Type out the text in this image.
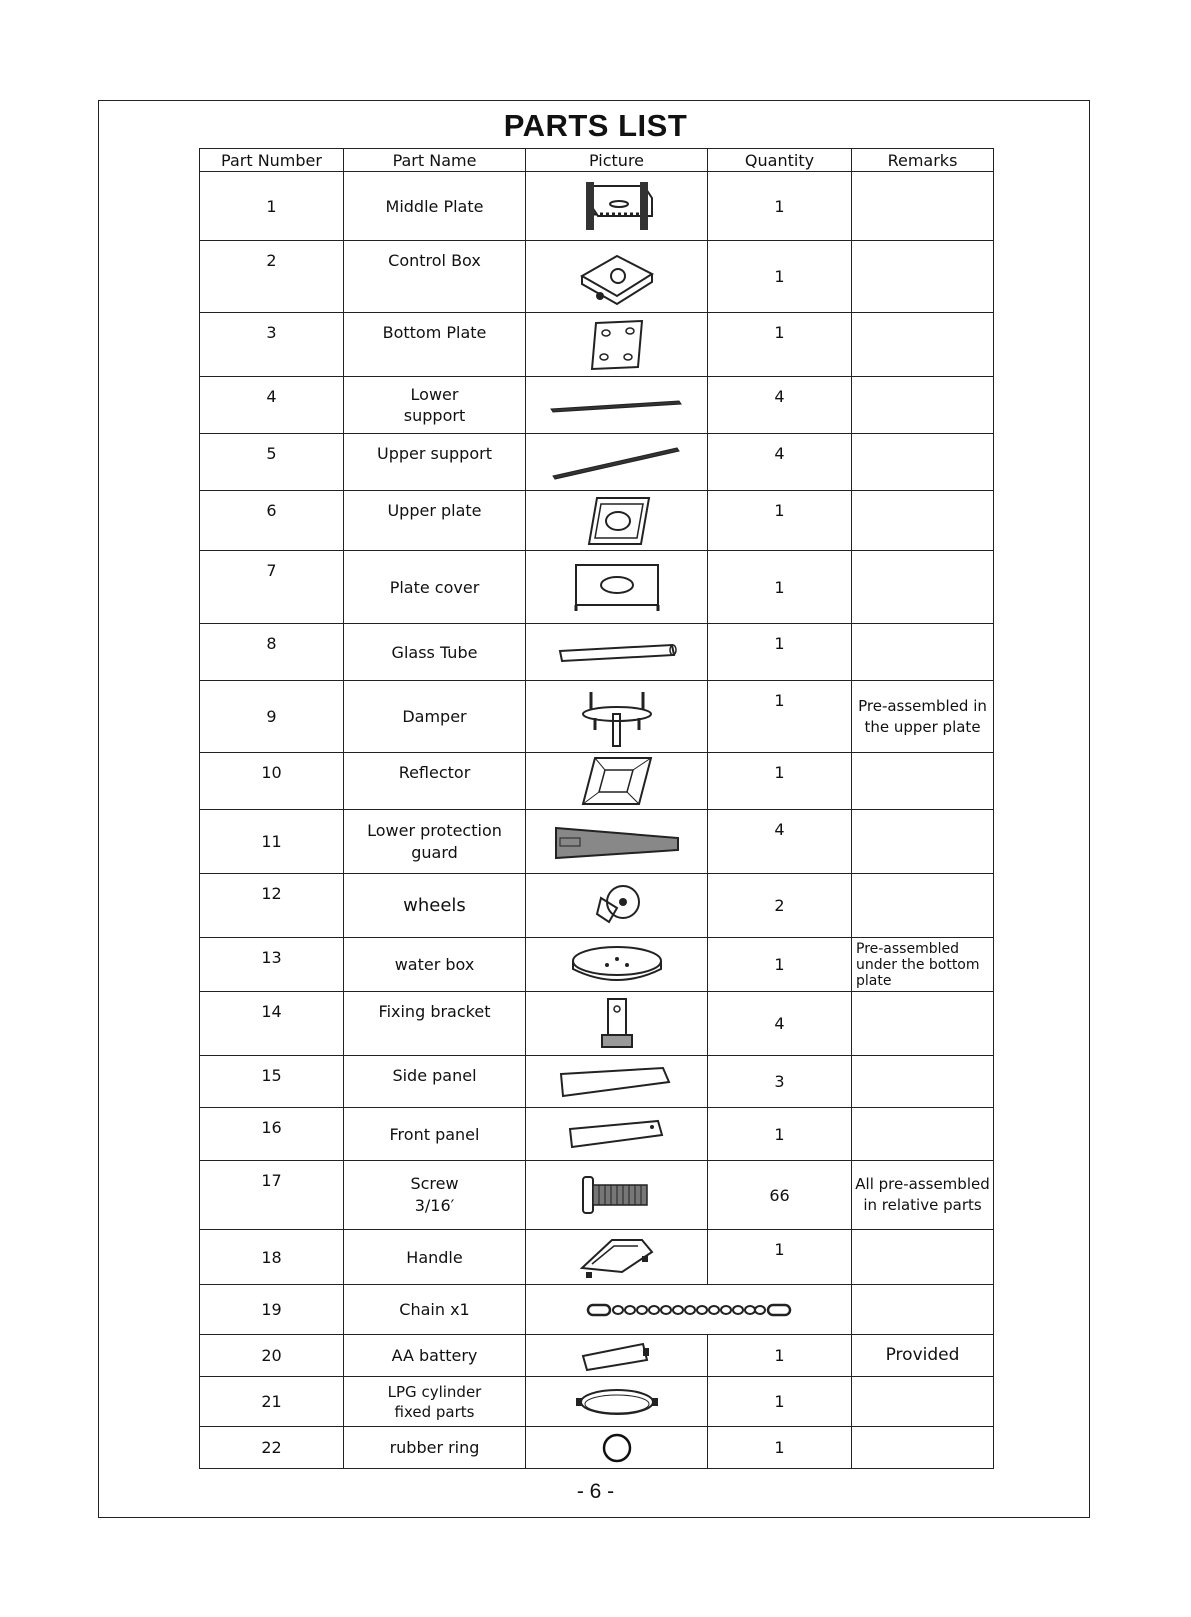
PARTS LIST
Part Number	Part Name	Picture	Quantity	Remarks
1	Middle Plate		1	
2	Control Box		1	
3	Bottom Plate		1	
4	Lower support		4	
5	Upper support		4	
6	Upper plate		1	
7	Plate cover		1	
8	Glass Tube		1	
9	Damper		1	Pre-assembled in the upper plate

10	Reflector		1	
11	Lower protection guard		4	
12	wheels		2	
13	water box		1	Pre-assembled under the bottom plate
14	Fixing bracket		4	
15	Side panel		3	
16	Front panel		1	
17	Screw 3/16′		66	All pre-assembled in relative parts
18	Handle		1	
19	Chain x1	

20	AA battery		1	Provided
21	LPG cylinder fixed parts		1	
22	rubber ring		1	
- 6 -
